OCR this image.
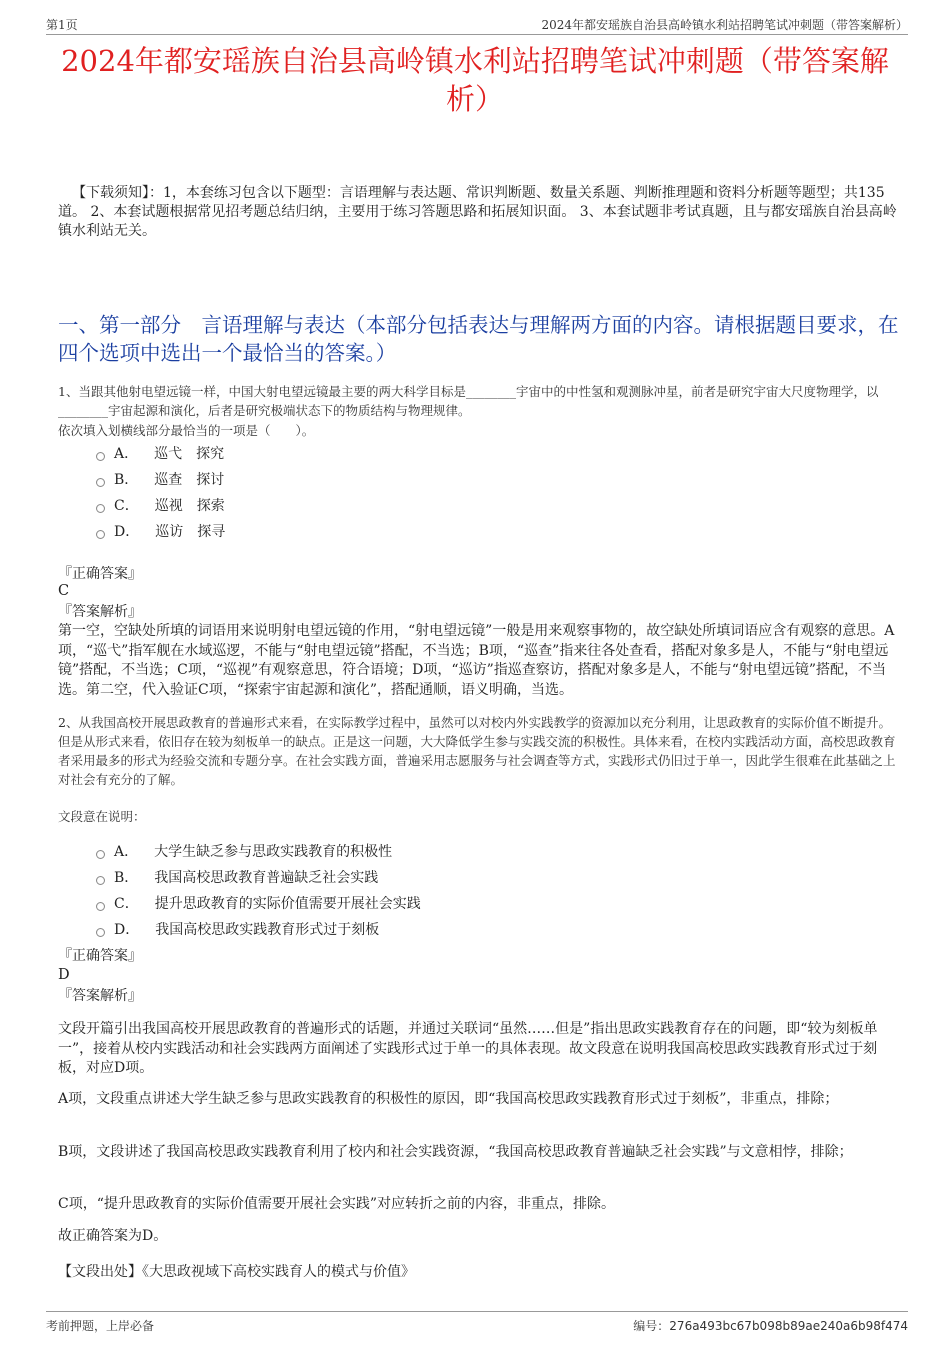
第1页	2024年都安瑶族自治县高岭镇水利站招聘笔试冲刺题（带答案解析）
2024年都安瑶族自治县高岭镇水利站招聘笔试冲刺题（带答案解析）
【下载须知】：1，本套练习包含以下题型：言语理解与表达题、常识判断题、数量关系题、判断推理题和资料分析题等题型；共135道。 2、本套试题根据常见招考题总结归纳，主要用于练习答题思路和拓展知识面。 3、本套试题非考试真题，且与都安瑶族自治县高岭镇水利站无关。
一、第一部分　言语理解与表达（本部分包括表达与理解两方面的内容。请根据题目要求，在四个选项中选出一个最恰当的答案。）
1、当跟其他射电望远镜一样，中国大射电望远镜最主要的两大科学目标是________宇宙中的中性氢和观测脉冲星，前者是研究宇宙大尺度物理学，以________宇宙起源和演化，后者是研究极端状态下的物质结构与物理规律。
依次填入划横线部分最恰当的一项是（　　）。
A． 巡弋　探究
B． 巡查　探讨
C． 巡视　探索
D． 巡访　探寻
『正确答案』
C
『答案解析』
第一空，空缺处所填的词语用来说明射电望远镜的作用，“射电望远镜”一般是用来观察事物的，故空缺处所填词语应含有观察的意思。A项，“巡弋”指军舰在水域巡逻，不能与“射电望远镜”搭配，不当选；B项，“巡查”指来往各处查看，搭配对象多是人，不能与“射电望远镜”搭配，不当选；C项，“巡视”有观察意思，符合语境；D项，“巡访”指巡查察访，搭配对象多是人，不能与“射电望远镜”搭配，不当选。第二空，代入验证C项，“探索宇宙起源和演化”，搭配通顺，语义明确，当选。
2、从我国高校开展思政教育的普遍形式来看，在实际教学过程中，虽然可以对校内外实践教学的资源加以充分利用，让思政教育的实际价值不断提升。但是从形式来看，依旧存在较为刻板单一的缺点。正是这一问题，大大降低学生参与实践交流的积极性。具体来看，在校内实践活动方面，高校思政教育者采用最多的形式为经验交流和专题分享。在社会实践方面，普遍采用志愿服务与社会调查等方式，实践形式仍旧过于单一，因此学生很难在此基础之上对社会有充分的了解。
文段意在说明：
A． 大学生缺乏参与思政实践教育的积极性
B． 我国高校思政教育普遍缺乏社会实践
C． 提升思政教育的实际价值需要开展社会实践
D． 我国高校思政实践教育形式过于刻板
『正确答案』
D
『答案解析』
文段开篇引出我国高校开展思政教育的普遍形式的话题，并通过关联词“虽然……但是”指出思政实践教育存在的问题，即“较为刻板单一”，接着从校内实践活动和社会实践两方面阐述了实践形式过于单一的具体表现。故文段意在说明我国高校思政实践教育形式过于刻板，对应D项。
A项，文段重点讲述大学生缺乏参与思政实践教育的积极性的原因，即“我国高校思政实践教育形式过于刻板”，非重点，排除；
B项，文段讲述了我国高校思政实践教育利用了校内和社会实践资源，“我国高校思政教育普遍缺乏社会实践”与文意相悖，排除；
C项，“提升思政教育的实际价值需要开展社会实践”对应转折之前的内容，非重点，排除。
故正确答案为D。
【文段出处】《大思政视域下高校实践育人的模式与价值》
考前押题，上岸必备	编号：276a493bc67b098b89ae240a6b98f474
